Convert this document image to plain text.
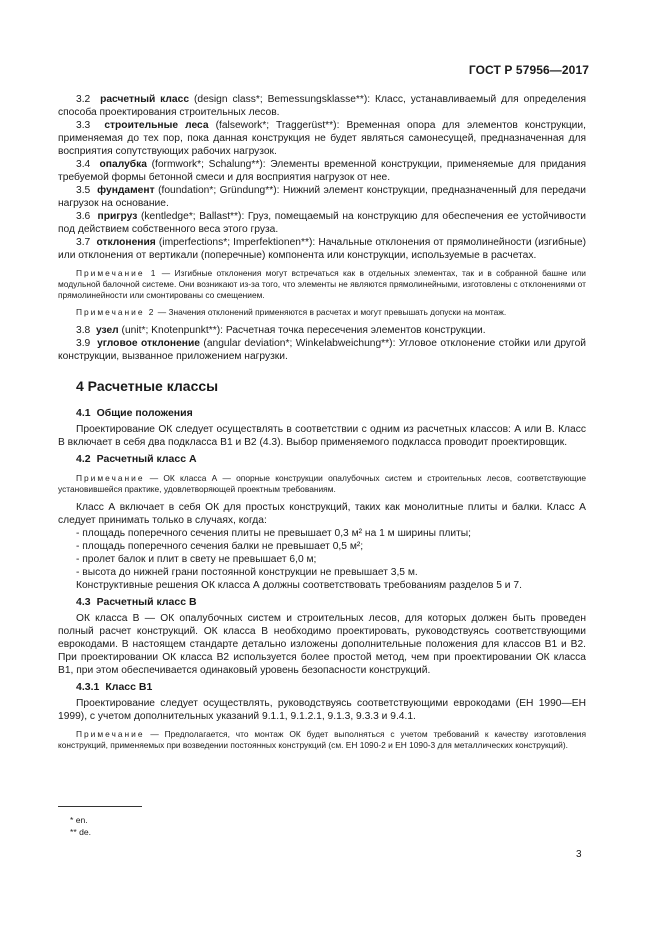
ГОСТ Р 57956—2017

3.2 расчетный класс (design class*; Bemessungsklasse**): Класс, устанавливаемый для определения способа проектирования строительных лесов.

3.3 строительные леса (falsework*; Traggerüst**): Временная опора для элементов конструкции, применяемая до тех пор, пока данная конструкция не будет являться самонесущей, предназначенная для восприятия сопутствующих рабочих нагрузок.

3.4 опалубка (formwork*; Schalung**): Элементы временной конструкции, применяемые для придания требуемой формы бетонной смеси и для восприятия нагрузок от нее.

3.5 фундамент (foundation*; Gründung**): Нижний элемент конструкции, предназначенный для передачи нагрузок на основание.

3.6 пригруз (kentledge*; Ballast**): Груз, помещаемый на конструкцию для обеспечения ее устойчивости под действием собственного веса этого груза.

3.7 отклонения (imperfections*; Imperfektionen**): Начальные отклонения от прямолинейности (изгибные) или отклонения от вертикали (поперечные) компонента или конструкции, используемые в расчетах.

Примечание 1 — Изгибные отклонения могут встречаться как в отдельных элементах, так и в собранной башне или модульной балочной системе. Они возникают из-за того, что элементы не являются прямолинейными, изготовлены с отклонениями от прямолинейности или смонтированы со смещением.

Примечание 2 — Значения отклонений применяются в расчетах и могут превышать допуски на монтаж.

3.8 узел (unit*; Knotenpunkt**): Расчетная точка пересечения элементов конструкции.

3.9 угловое отклонение (angular deviation*; Winkelabweichung**): Угловое отклонение стойки или другой конструкции, вызванное приложением нагрузки.

4 Расчетные классы
4.1 Общие положения

Проектирование ОК следует осуществлять в соответствии с одним из расчетных классов: А или В. Класс В включает в себя два подкласса В1 и В2 (4.3). Выбор применяемого подкласса проводит проектировщик.

4.2 Расчетный класс А

Примечание — ОК класса А — опорные конструкции опалубочных систем и строительных лесов, соответствующие установившейся практике, удовлетворяющей проектным требованиям.

Класс А включает в себя ОК для простых конструкций, таких как монолитные плиты и балки. Класс А следует принимать только в случаях, когда:

- площадь поперечного сечения плиты не превышает 0,3 м² на 1 м ширины плиты;
- площадь поперечного сечения балки не превышает 0,5 м²;
- пролет балок и плит в свету не превышает 6,0 м;
- высота до нижней грани постоянной конструкции не превышает 3,5 м.

Конструктивные решения ОК класса А должны соответствовать требованиям разделов 5 и 7.

4.3 Расчетный класс В

ОК класса В — ОК опалубочных систем и строительных лесов, для которых должен быть проведен полный расчет конструкций. ОК класса В необходимо проектировать, руководствуясь соответствующими еврокодами. В настоящем стандарте детально изложены дополнительные положения для классов В1 и В2. При проектировании ОК класса В2 используется более простой метод, чем при проектировании ОК класса В1, при этом обеспечивается одинаковый уровень безопасности конструкций.

4.3.1 Класс В1

Проектирование следует осуществлять, руководствуясь соответствующими еврокодами (ЕН 1990—ЕН 1999), с учетом дополнительных указаний 9.1.1, 9.1.2.1, 9.1.3, 9.3.3 и 9.4.1.

Примечание — Предполагается, что монтаж ОК будет выполняться с учетом требований к качеству изготовления конструкций, применяемых при возведении постоянных конструкций (см. ЕН 1090-2 и ЕН 1090-3 для металлических конструкций).

* en.
** de.
3
